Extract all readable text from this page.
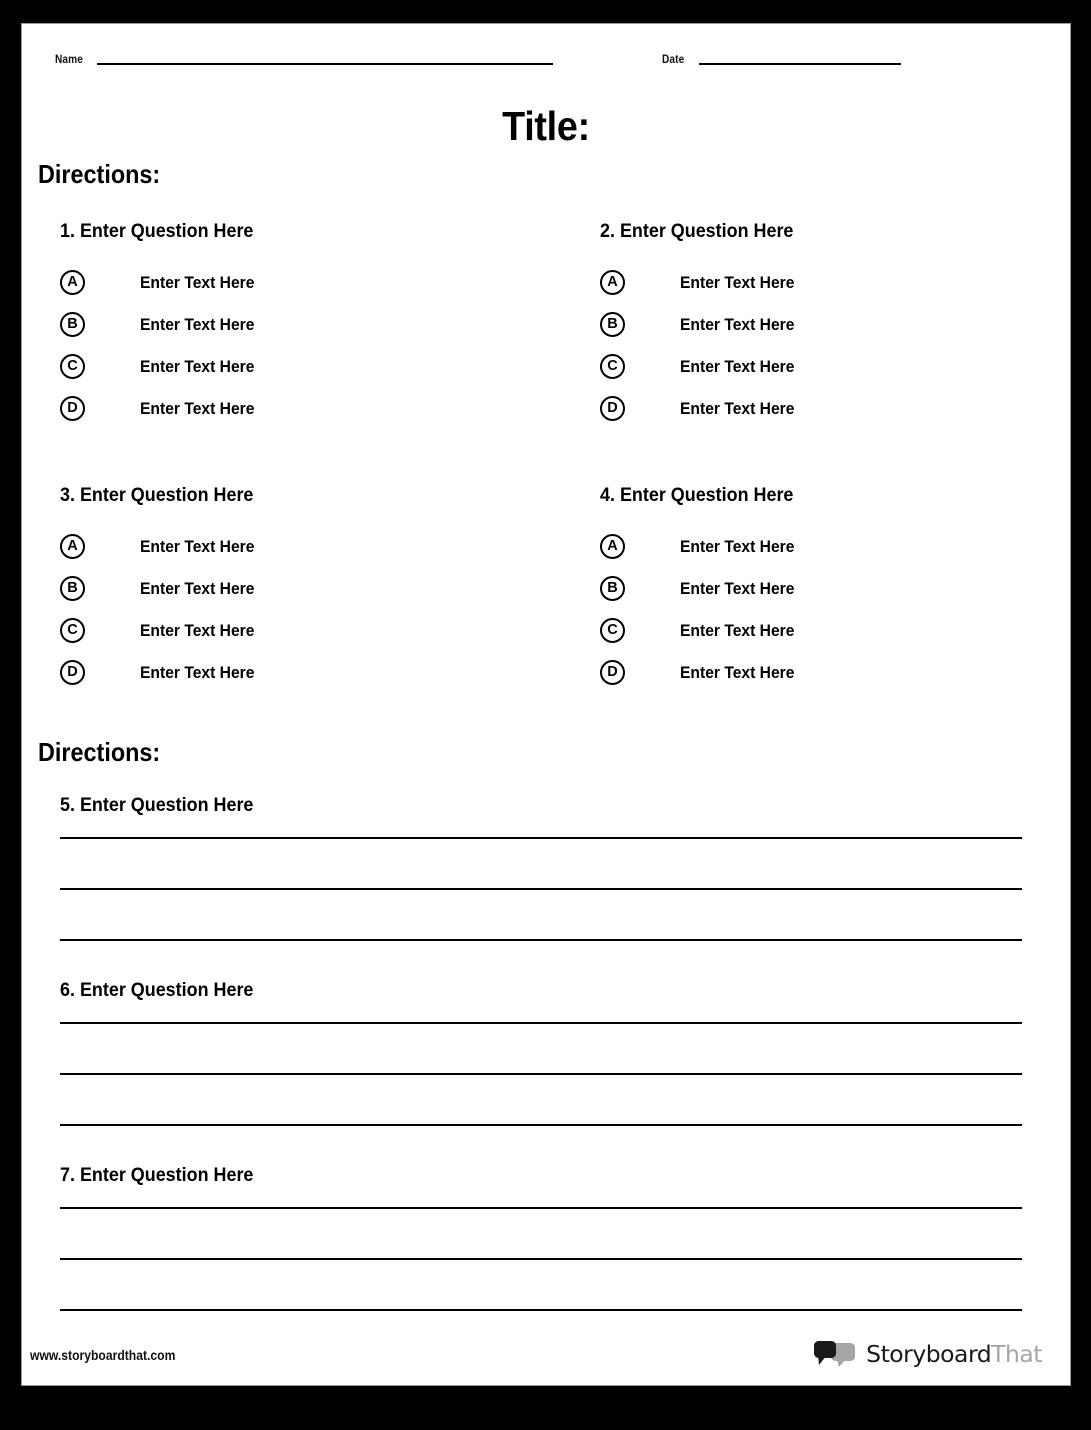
Name	Date
Title:
Directions:
1. Enter Question Here
A	Enter Text Here
B	Enter Text Here
C	Enter Text Here
D	Enter Text Here
2. Enter Question Here
A	Enter Text Here
B	Enter Text Here
C	Enter Text Here
D	Enter Text Here
3. Enter Question Here
A	Enter Text Here
B	Enter Text Here
C	Enter Text Here
D	Enter Text Here
4. Enter Question Here
A	Enter Text Here
B	Enter Text Here
C	Enter Text Here
D	Enter Text Here
Directions:
5. Enter Question Here
6. Enter Question Here
7. Enter Question Here
www.storyboardthat.com	StoryboardThat
